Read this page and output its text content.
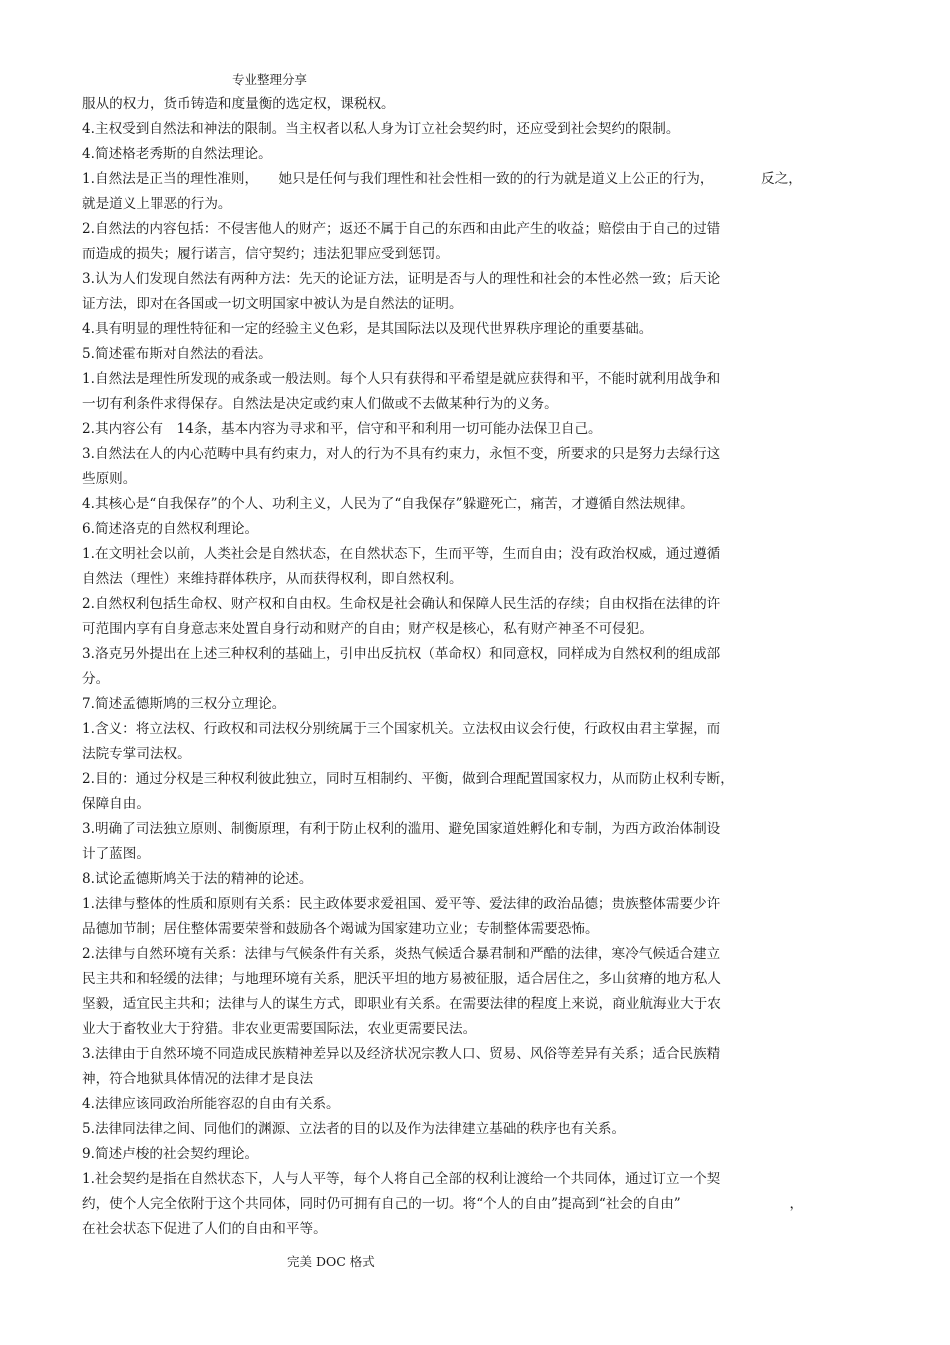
专业整理分享
服从的权力，货币铸造和度量衡的选定权，课税权。
4.主权受到自然法和神法的限制。当主权者以私人身为订立社会契约时，还应受到社会契约的限制。
4.简述格老秀斯的自然法理论。
1.自然法是正当的理性准则，　　她只是任何与我们理性和社会性相一致的的行为就是道义上公正的行为，　　　　反之，
就是道义上罪恶的行为。
2.自然法的内容包括：不侵害他人的财产；返还不属于自己的东西和由此产生的收益；赔偿由于自己的过错
而造成的损失；履行诺言，信守契约；违法犯罪应受到惩罚。
3.认为人们发现自然法有两种方法：先天的论证方法，证明是否与人的理性和社会的本性必然一致；后天论
证方法，即对在各国或一切文明国家中被认为是自然法的证明。
4.具有明显的理性特征和一定的经验主义色彩，是其国际法以及现代世界秩序理论的重要基础。
5.简述霍布斯对自然法的看法。
1.自然法是理性所发现的戒条或一般法则。每个人只有获得和平希望是就应获得和平，不能时就利用战争和
一切有利条件求得保存。自然法是决定或约束人们做或不去做某种行为的义务。
2.其内容公有　14条，基本内容为寻求和平，信守和平和利用一切可能办法保卫自己。
3.自然法在人的内心范畴中具有约束力，对人的行为不具有约束力，永恒不变，所要求的只是努力去绿行这
些原则。
4.其核心是“自我保存”的个人、功利主义，人民为了“自我保存”躲避死亡，痛苦，才遵循自然法规律。
6.简述洛克的自然权利理论。
1.在文明社会以前，人类社会是自然状态，在自然状态下，生而平等，生而自由；没有政治权威，通过遵循
自然法（理性）来维持群体秩序，从而获得权利，即自然权利。
2.自然权利包括生命权、财产权和自由权。生命权是社会确认和保障人民生活的存续；自由权指在法律的许
可范围内享有自身意志来处置自身行动和财产的自由；财产权是核心，私有财产神圣不可侵犯。
3.洛克另外提出在上述三种权利的基础上，引申出反抗权（革命权）和同意权，同样成为自然权利的组成部
分。
7.简述孟德斯鸠的三权分立理论。
1.含义：将立法权、行政权和司法权分别统属于三个国家机关。立法权由议会行使，行政权由君主掌握，而
法院专掌司法权。
2.目的：通过分权是三种权利彼此独立，同时互相制约、平衡，做到合理配置国家权力，从而防止权利专断，
保障自由。
3.明确了司法独立原则、制衡原理，有利于防止权利的滥用、避免国家道姓孵化和专制，为西方政治体制设
计了蓝图。
8.试论孟德斯鸠关于法的精神的论述。
1.法律与整体的性质和原则有关系：民主政体要求爱祖国、爱平等、爱法律的政治品德；贵族整体需要少许
品德加节制；居住整体需要荣誉和鼓励各个竭诚为国家建功立业；专制整体需要恐怖。
2.法律与自然环境有关系：法律与气候条件有关系，炎热气候适合暴君制和严酷的法律，寒冷气候适合建立
民主共和和轻缓的法律；与地理环境有关系，肥沃平坦的地方易被征服，适合居住之，多山贫瘠的地方私人
坚毅，适宜民主共和；法律与人的谋生方式，即职业有关系。在需要法律的程度上来说，商业航海业大于农
业大于畜牧业大于狩猎。非农业更需要国际法，农业更需要民法。
3.法律由于自然环境不同造成民族精神差异以及经济状况宗教人口、贸易、风俗等差异有关系；适合民族精
神，符合地狱具体情况的法律才是良法
4.法律应该同政治所能容忍的自由有关系。
5.法律同法律之间、同他们的渊源、立法者的目的以及作为法律建立基础的秩序也有关系。
9.简述卢梭的社会契约理论。
1.社会契约是指在自然状态下，人与人平等，每个人将自己全部的权利让渡给一个共同体，通过订立一个契
约，使个人完全依附于这个共同体，同时仍可拥有自己的一切。将“个人的自由”提高到“社会的自由”　　　　　　　　，
在社会状态下促进了人们的自由和平等。
完美 DOC 格式
